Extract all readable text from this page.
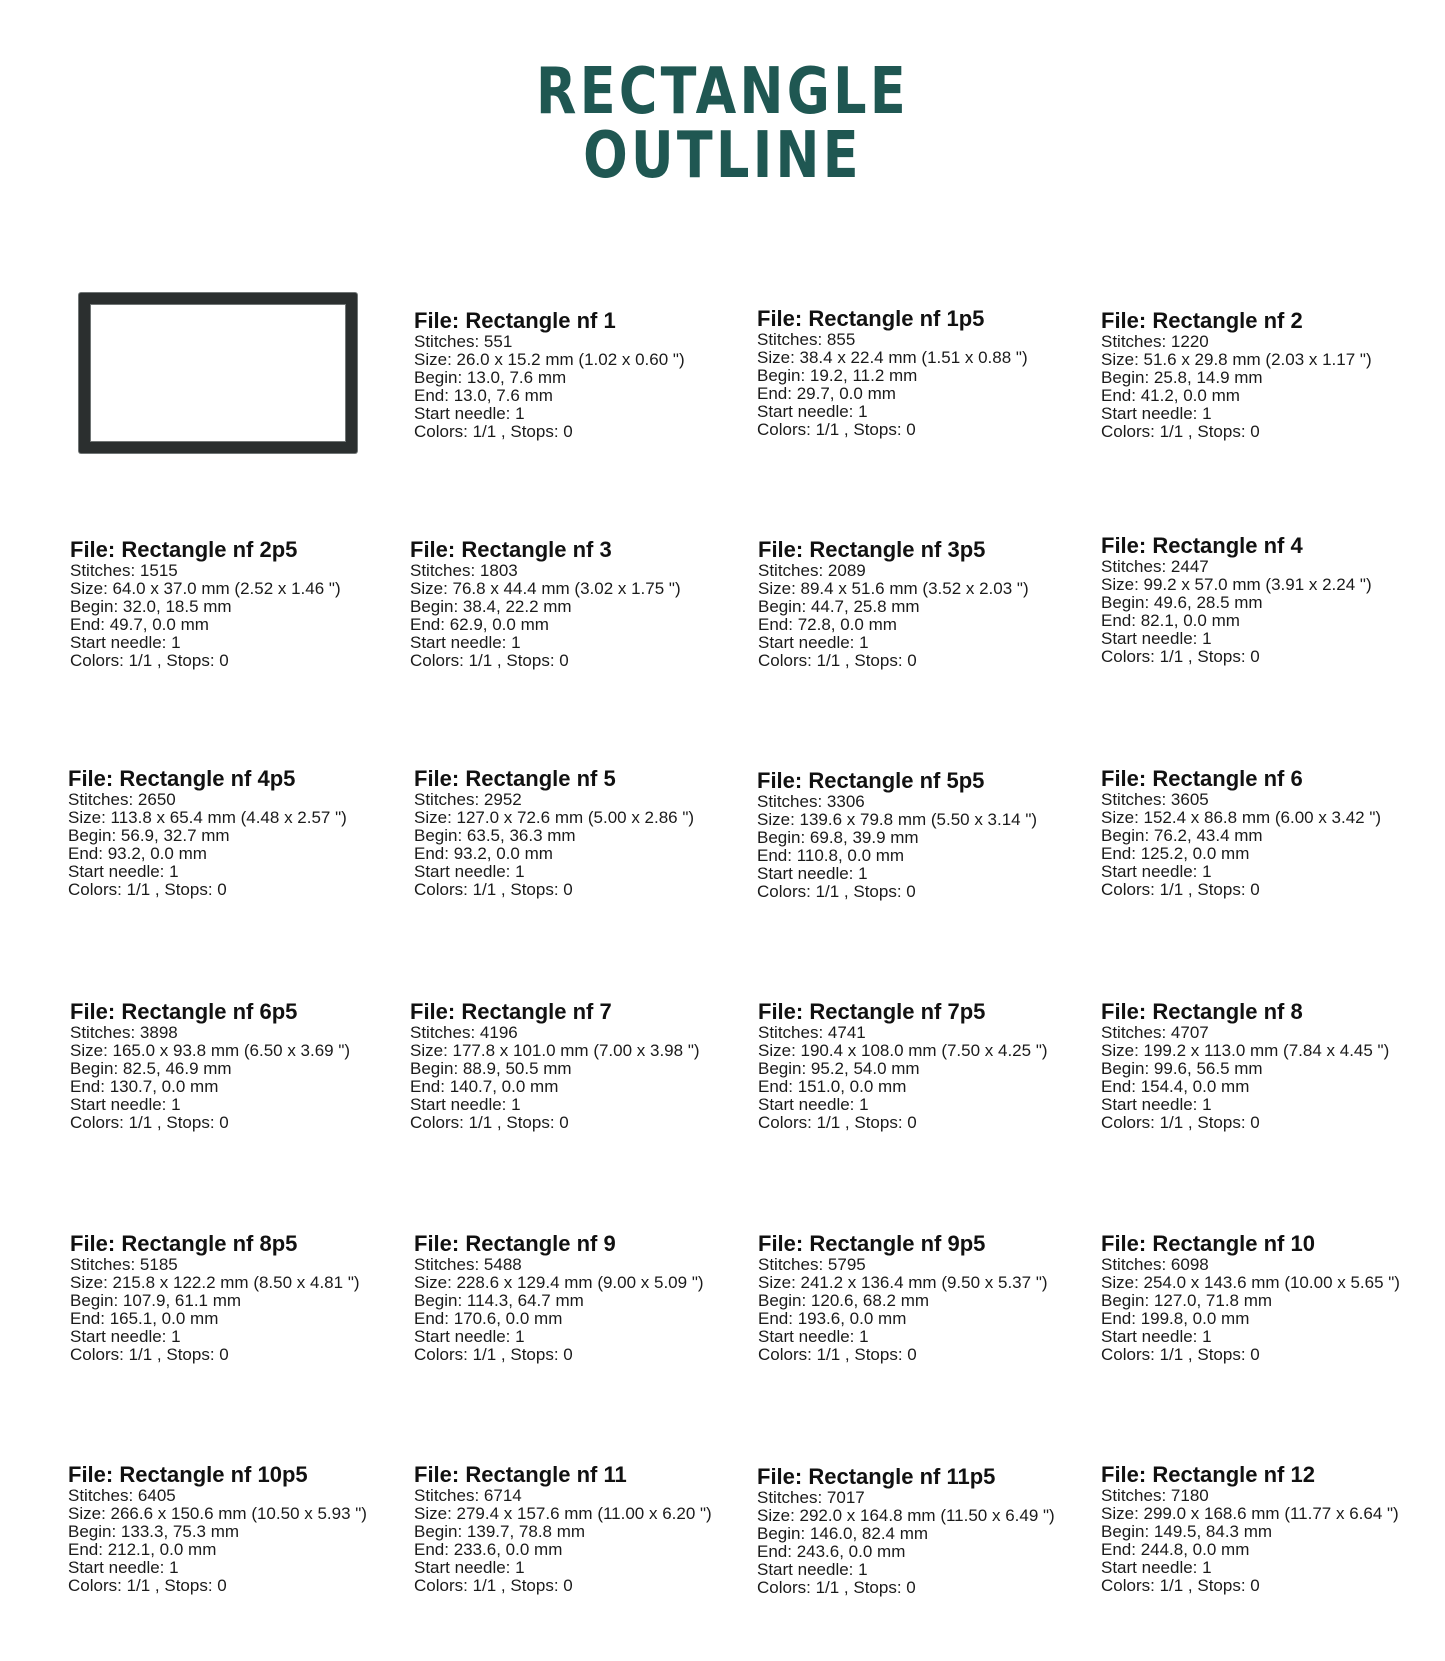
RECTANGLE
OUTLINE
File: Rectangle nf 1
Stitches: 551
Size: 26.0 x 15.2 mm (1.02 x 0.60 ")
Begin: 13.0, 7.6 mm
End: 13.0, 7.6 mm
Start needle: 1
Colors: 1/1 , Stops: 0
File: Rectangle nf 1p5
Stitches: 855
Size: 38.4 x 22.4 mm (1.51 x 0.88 ")
Begin: 19.2, 11.2 mm
End: 29.7, 0.0 mm
Start needle: 1
Colors: 1/1 , Stops: 0
File: Rectangle nf 2
Stitches: 1220
Size: 51.6 x 29.8 mm (2.03 x 1.17 ")
Begin: 25.8, 14.9 mm
End: 41.2, 0.0 mm
Start needle: 1
Colors: 1/1 , Stops: 0
File: Rectangle nf 2p5
Stitches: 1515
Size: 64.0 x 37.0 mm (2.52 x 1.46 ")
Begin: 32.0, 18.5 mm
End: 49.7, 0.0 mm
Start needle: 1
Colors: 1/1 , Stops: 0
File: Rectangle nf 3
Stitches: 1803
Size: 76.8 x 44.4 mm (3.02 x 1.75 ")
Begin: 38.4, 22.2 mm
End: 62.9, 0.0 mm
Start needle: 1
Colors: 1/1 , Stops: 0
File: Rectangle nf 3p5
Stitches: 2089
Size: 89.4 x 51.6 mm (3.52 x 2.03 ")
Begin: 44.7, 25.8 mm
End: 72.8, 0.0 mm
Start needle: 1
Colors: 1/1 , Stops: 0
File: Rectangle nf 4
Stitches: 2447
Size: 99.2 x 57.0 mm (3.91 x 2.24 ")
Begin: 49.6, 28.5 mm
End: 82.1, 0.0 mm
Start needle: 1
Colors: 1/1 , Stops: 0
File: Rectangle nf 4p5
Stitches: 2650
Size: 113.8 x 65.4 mm (4.48 x 2.57 ")
Begin: 56.9, 32.7 mm
End: 93.2, 0.0 mm
Start needle: 1
Colors: 1/1 , Stops: 0
File: Rectangle nf 5
Stitches: 2952
Size: 127.0 x 72.6 mm (5.00 x 2.86 ")
Begin: 63.5, 36.3 mm
End: 93.2, 0.0 mm
Start needle: 1
Colors: 1/1 , Stops: 0
File: Rectangle nf 5p5
Stitches: 3306
Size: 139.6 x 79.8 mm (5.50 x 3.14 ")
Begin: 69.8, 39.9 mm
End: 110.8, 0.0 mm
Start needle: 1
Colors: 1/1 , Stops: 0
File: Rectangle nf 6
Stitches: 3605
Size: 152.4 x 86.8 mm (6.00 x 3.42 ")
Begin: 76.2, 43.4 mm
End: 125.2, 0.0 mm
Start needle: 1
Colors: 1/1 , Stops: 0
File: Rectangle nf 6p5
Stitches: 3898
Size: 165.0 x 93.8 mm (6.50 x 3.69 ")
Begin: 82.5, 46.9 mm
End: 130.7, 0.0 mm
Start needle: 1
Colors: 1/1 , Stops: 0
File: Rectangle nf 7
Stitches: 4196
Size: 177.8 x 101.0 mm (7.00 x 3.98 ")
Begin: 88.9, 50.5 mm
End: 140.7, 0.0 mm
Start needle: 1
Colors: 1/1 , Stops: 0
File: Rectangle nf 7p5
Stitches: 4741
Size: 190.4 x 108.0 mm (7.50 x 4.25 ")
Begin: 95.2, 54.0 mm
End: 151.0, 0.0 mm
Start needle: 1
Colors: 1/1 , Stops: 0
File: Rectangle nf 8
Stitches: 4707
Size: 199.2 x 113.0 mm (7.84 x 4.45 ")
Begin: 99.6, 56.5 mm
End: 154.4, 0.0 mm
Start needle: 1
Colors: 1/1 , Stops: 0
File: Rectangle nf 8p5
Stitches: 5185
Size: 215.8 x 122.2 mm (8.50 x 4.81 ")
Begin: 107.9, 61.1 mm
End: 165.1, 0.0 mm
Start needle: 1
Colors: 1/1 , Stops: 0
File: Rectangle nf 9
Stitches: 5488
Size: 228.6 x 129.4 mm (9.00 x 5.09 ")
Begin: 114.3, 64.7 mm
End: 170.6, 0.0 mm
Start needle: 1
Colors: 1/1 , Stops: 0
File: Rectangle nf 9p5
Stitches: 5795
Size: 241.2 x 136.4 mm (9.50 x 5.37 ")
Begin: 120.6, 68.2 mm
End: 193.6, 0.0 mm
Start needle: 1
Colors: 1/1 , Stops: 0
File: Rectangle nf 10
Stitches: 6098
Size: 254.0 x 143.6 mm (10.00 x 5.65 ")
Begin: 127.0, 71.8 mm
End: 199.8, 0.0 mm
Start needle: 1
Colors: 1/1 , Stops: 0
File: Rectangle nf 10p5
Stitches: 6405
Size: 266.6 x 150.6 mm (10.50 x 5.93 ")
Begin: 133.3, 75.3 mm
End: 212.1, 0.0 mm
Start needle: 1
Colors: 1/1 , Stops: 0
File: Rectangle nf 11
Stitches: 6714
Size: 279.4 x 157.6 mm (11.00 x 6.20 ")
Begin: 139.7, 78.8 mm
End: 233.6, 0.0 mm
Start needle: 1
Colors: 1/1 , Stops: 0
File: Rectangle nf 11p5
Stitches: 7017
Size: 292.0 x 164.8 mm (11.50 x 6.49 ")
Begin: 146.0, 82.4 mm
End: 243.6, 0.0 mm
Start needle: 1
Colors: 1/1 , Stops: 0
File: Rectangle nf 12
Stitches: 7180
Size: 299.0 x 168.6 mm (11.77 x 6.64 ")
Begin: 149.5, 84.3 mm
End: 244.8, 0.0 mm
Start needle: 1
Colors: 1/1 , Stops: 0
